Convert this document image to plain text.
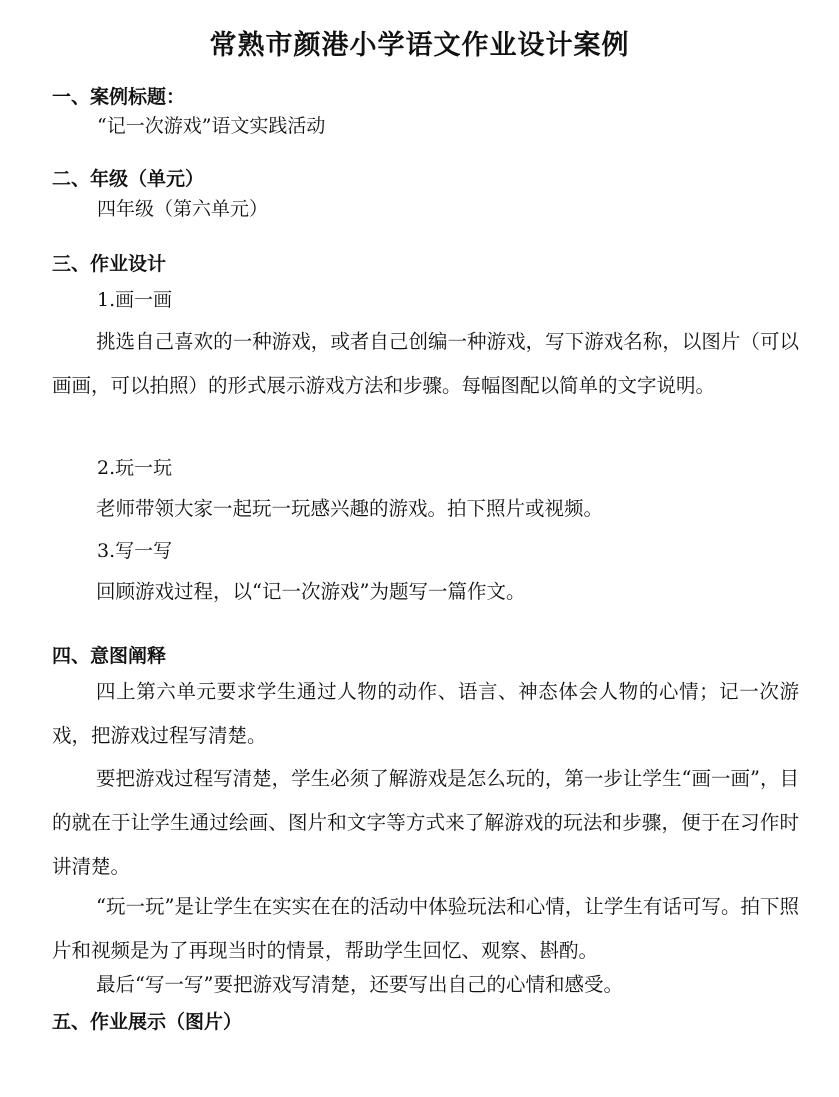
常熟市颜港小学语文作业设计案例
一、案例标题：
“记一次游戏”语文实践活动
二、年级（单元）
四年级（第六单元）
三、作业设计
1.画一画
挑选自己喜欢的一种游戏，或者自己创编一种游戏，写下游戏名称，以图片（可以画画，可以拍照）的形式展示游戏方法和步骤。每幅图配以简单的文字说明。
2.玩一玩
老师带领大家一起玩一玩感兴趣的游戏。拍下照片或视频。
3.写一写
回顾游戏过程，以“记一次游戏”为题写一篇作文。
四、意图阐释
四上第六单元要求学生通过人物的动作、语言、神态体会人物的心情；记一次游戏，把游戏过程写清楚。
要把游戏过程写清楚，学生必须了解游戏是怎么玩的，第一步让学生“画一画”，目的就在于让学生通过绘画、图片和文字等方式来了解游戏的玩法和步骤，便于在习作时讲清楚。
“玩一玩”是让学生在实实在在的活动中体验玩法和心情，让学生有话可写。拍下照片和视频是为了再现当时的情景，帮助学生回忆、观察、斟酌。
最后“写一写”要把游戏写清楚，还要写出自己的心情和感受。
五、作业展示（图片）
